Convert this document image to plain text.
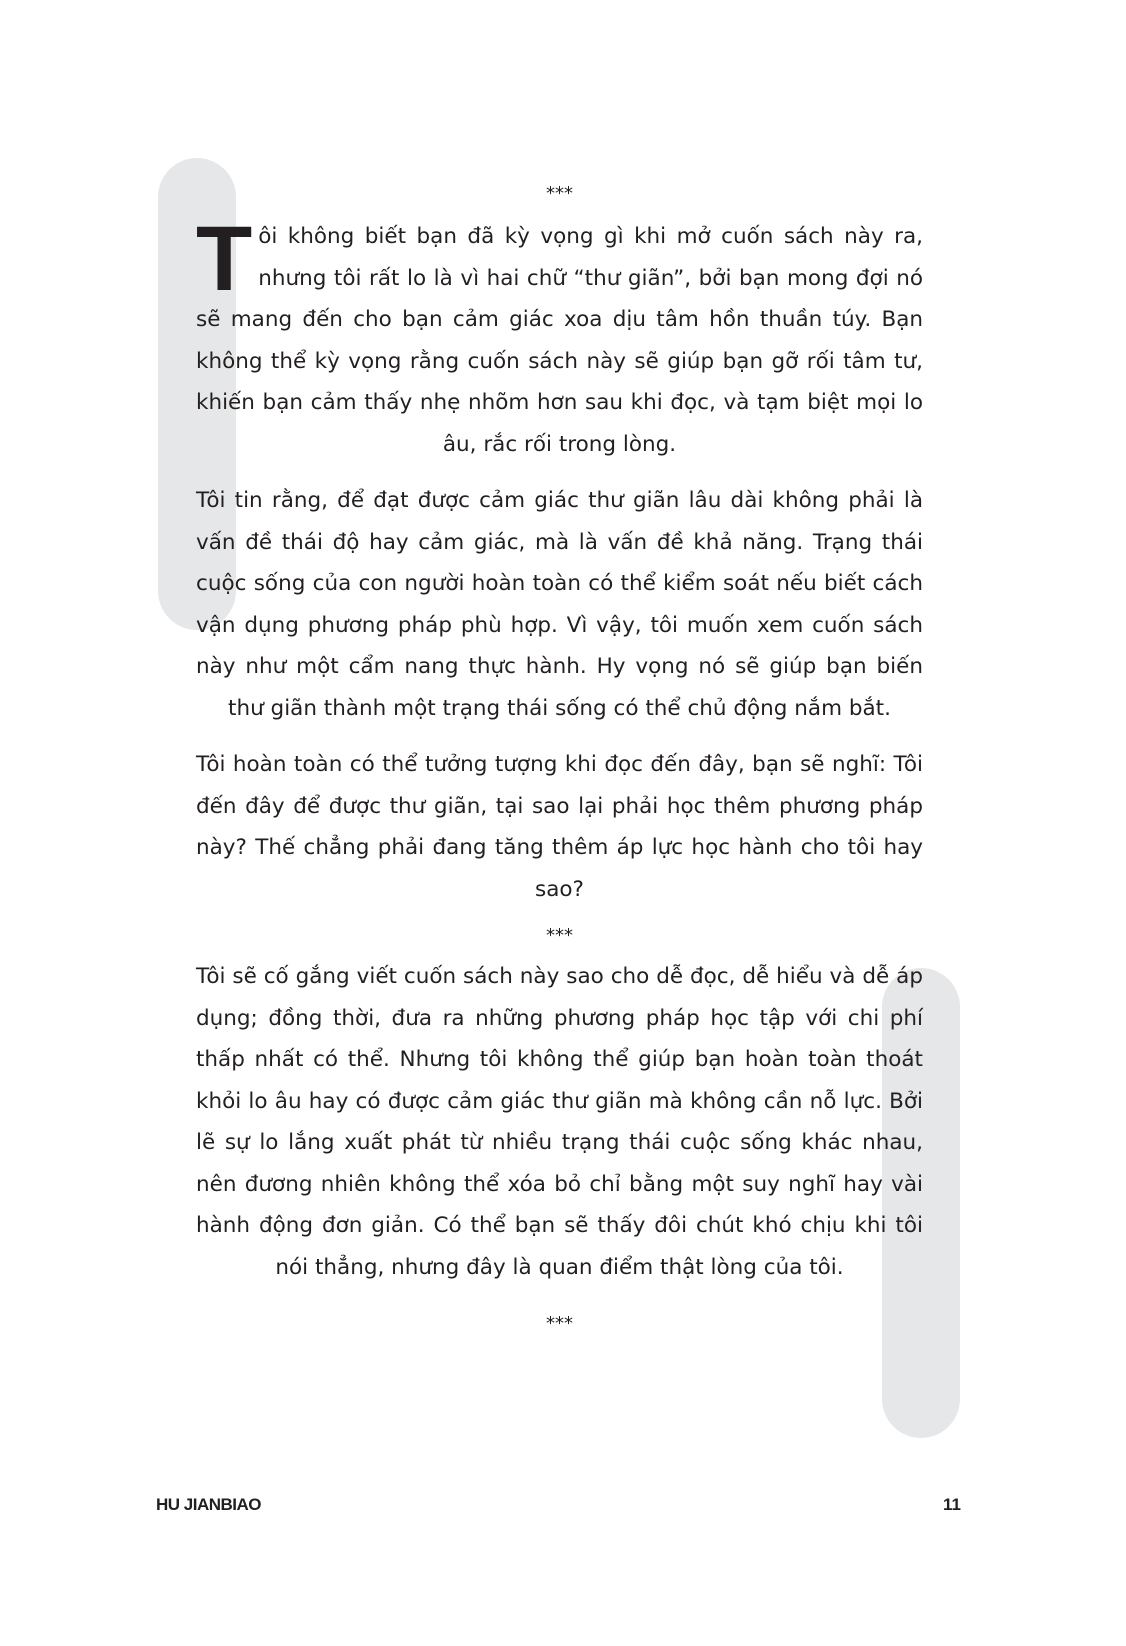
***

Tôi không biết bạn đã kỳ vọng gì khi mở cuốn sách này ra, nhưng tôi rất lo là vì hai chữ “thư giãn”, bởi bạn mong đợi nó sẽ mang đến cho bạn cảm giác xoa dịu tâm hồn thuần túy. Bạn không thể kỳ vọng rằng cuốn sách này sẽ giúp bạn gỡ rối tâm tư, khiến bạn cảm thấy nhẹ nhõm hơn sau khi đọc, và tạm biệt mọi lo âu, rắc rối trong lòng.

Tôi tin rằng, để đạt được cảm giác thư giãn lâu dài không phải là vấn đề thái độ hay cảm giác, mà là vấn đề khả năng. Trạng thái cuộc sống của con người hoàn toàn có thể kiểm soát nếu biết cách vận dụng phương pháp phù hợp. Vì vậy, tôi muốn xem cuốn sách này như một cẩm nang thực hành. Hy vọng nó sẽ giúp bạn biến thư giãn thành một trạng thái sống có thể chủ động nắm bắt.

Tôi hoàn toàn có thể tưởng tượng khi đọc đến đây, bạn sẽ nghĩ: Tôi đến đây để được thư giãn, tại sao lại phải học thêm phương pháp này? Thế chẳng phải đang tăng thêm áp lực học hành cho tôi hay sao?

***

Tôi sẽ cố gắng viết cuốn sách này sao cho dễ đọc, dễ hiểu và dễ áp dụng; đồng thời, đưa ra những phương pháp học tập với chi phí thấp nhất có thể. Nhưng tôi không thể giúp bạn hoàn toàn thoát khỏi lo âu hay có được cảm giác thư giãn mà không cần nỗ lực. Bởi lẽ sự lo lắng xuất phát từ nhiều trạng thái cuộc sống khác nhau, nên đương nhiên không thể xóa bỏ chỉ bằng một suy nghĩ hay vài hành động đơn giản. Có thể bạn sẽ thấy đôi chút khó chịu khi tôi nói thẳng, nhưng đây là quan điểm thật lòng của tôi.

***

HU JIANBIAO	11
